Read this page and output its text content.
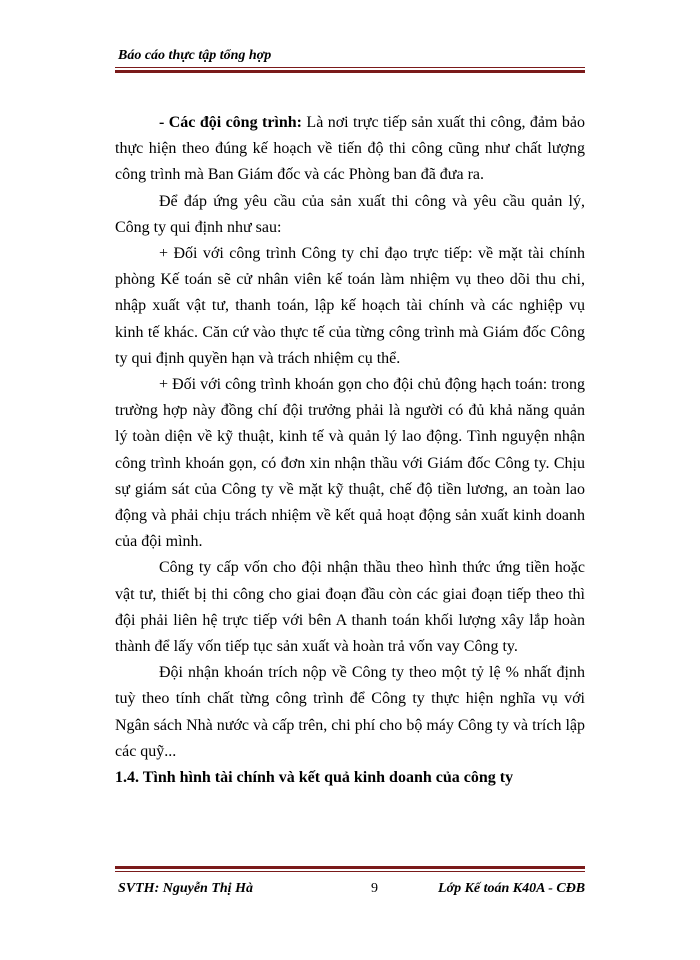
Báo cáo thực tập tổng hợp

- Các đội công trình: Là nơi trực tiếp sản xuất thi công, đảm bảo thực hiện theo đúng kế hoạch về tiến độ thi công cũng như chất lượng công trình mà Ban Giám đốc và các Phòng ban đã đưa ra.

Để đáp ứng yêu cầu của sản xuất thi công và yêu cầu quản lý, Công ty qui định như sau:

+ Đối với công trình Công ty chỉ đạo trực tiếp: về mặt tài chính phòng Kế toán sẽ cử nhân viên kế toán làm nhiệm vụ theo dõi thu chi, nhập xuất vật tư, thanh toán, lập kế hoạch tài chính và các nghiệp vụ kinh tế khác. Căn cứ vào thực tế của từng công trình mà Giám đốc Công ty qui định quyền hạn và trách nhiệm cụ thể.

+ Đối với công trình khoán gọn cho đội chủ động hạch toán: trong trường hợp này đồng chí đội trưởng phải là người có đủ khả năng quản lý toàn diện về kỹ thuật, kinh tế và quản lý lao động. Tình nguyện nhận công trình khoán gọn, có đơn xin nhận thầu với Giám đốc Công ty. Chịu sự giám sát của Công ty về mặt kỹ thuật, chế độ tiền lương, an toàn lao động và phải chịu trách nhiệm về kết quả hoạt động sản xuất kinh doanh của đội mình.

Công ty cấp vốn cho đội nhận thầu theo hình thức ứng tiền hoặc vật tư, thiết bị thi công cho giai đoạn đầu còn các giai đoạn tiếp theo thì đội phải liên hệ trực tiếp với bên A thanh toán khối lượng xây lắp hoàn thành để lấy vốn tiếp tục sản xuất và hoàn trả vốn vay Công ty.

Đội nhận khoán trích nộp về Công ty theo một tỷ lệ % nhất định tuỳ theo tính chất từng công trình để Công ty thực hiện nghĩa vụ với Ngân sách Nhà nước và cấp trên, chi phí cho bộ máy Công ty và trích lập các quỹ...

1.4. Tình hình tài chính và kết quả kinh doanh của công ty

SVTH: Nguyễn Thị Hà	9	Lớp Kế toán K40A - CĐB
